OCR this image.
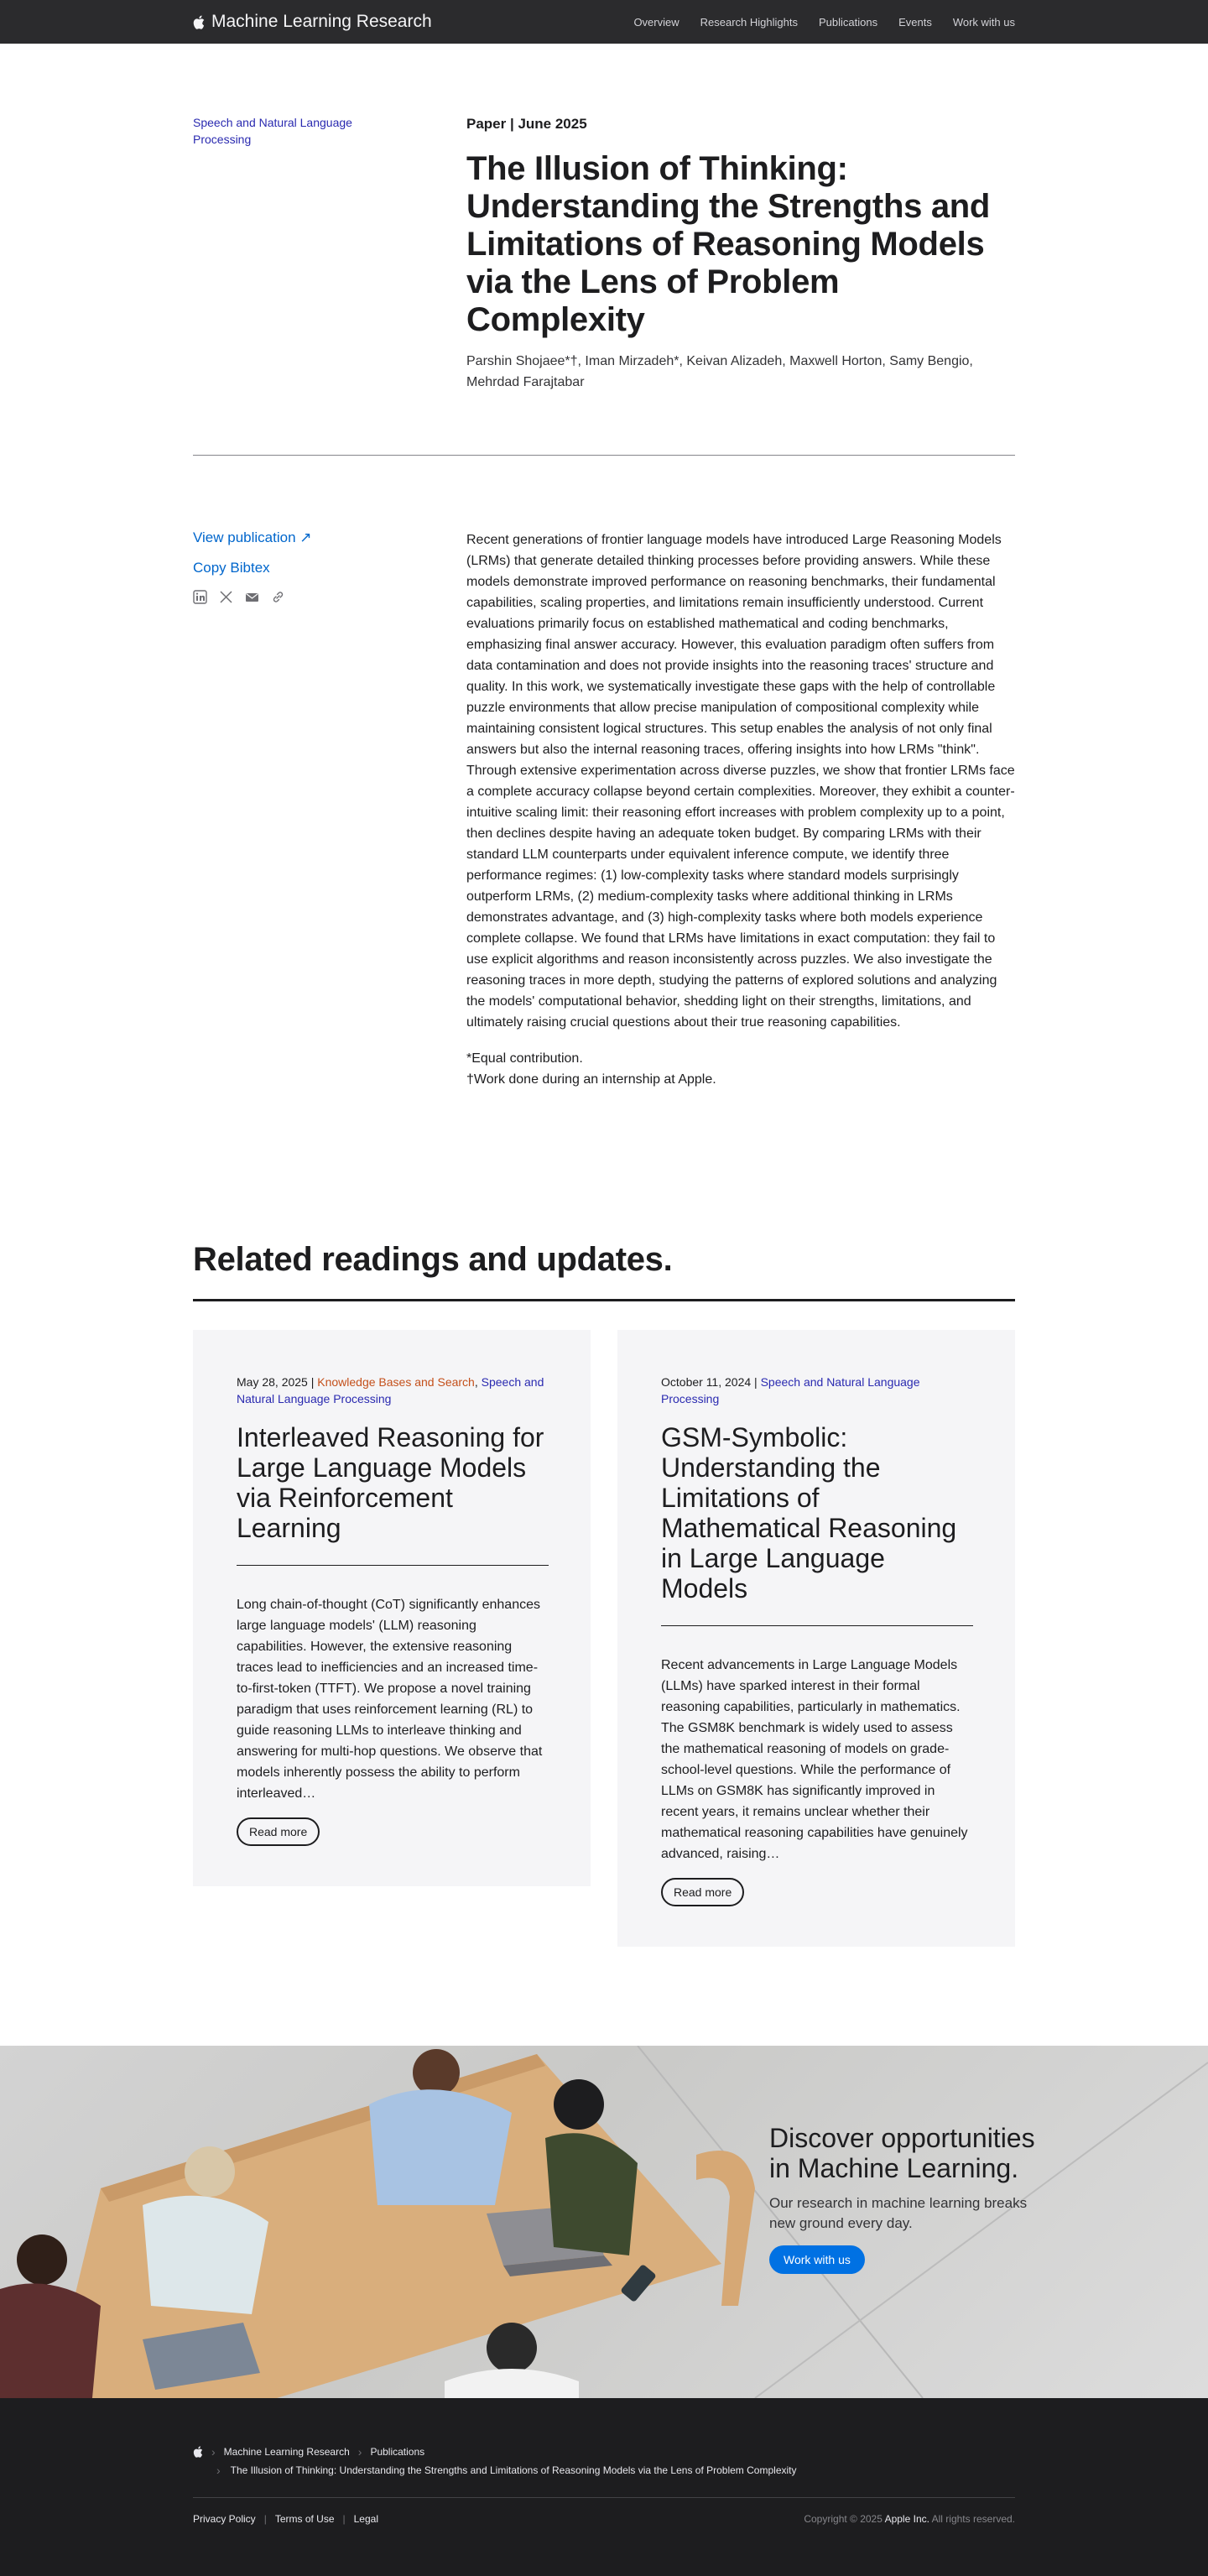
Machine Learning Research	Overview Research Highlights Publications Events Work with us
Speech and Natural Language Processing
Paper | June 2025
The Illusion of Thinking: Understanding the Strengths and Limitations of Reasoning Models via the Lens of Problem Complexity
Parshin Shojaee*†, Iman Mirzadeh*, Keivan Alizadeh, Maxwell Horton, Samy Bengio, Mehrdad Farajtabar
View publication ↗
Copy Bibtex

Recent generations of frontier language models have introduced Large Reasoning Models (LRMs) that generate detailed thinking processes before providing answers. While these models demonstrate improved performance on reasoning benchmarks, their fundamental capabilities, scaling properties, and limitations remain insufficiently understood. Current evaluations primarily focus on established mathematical and coding benchmarks, emphasizing final answer accuracy. However, this evaluation paradigm often suffers from data contamination and does not provide insights into the reasoning traces' structure and quality. In this work, we systematically investigate these gaps with the help of controllable puzzle environments that allow precise manipulation of compositional complexity while maintaining consistent logical structures. This setup enables the analysis of not only final answers but also the internal reasoning traces, offering insights into how LRMs "think". Through extensive experimentation across diverse puzzles, we show that frontier LRMs face a complete accuracy collapse beyond certain complexities. Moreover, they exhibit a counter-intuitive scaling limit: their reasoning effort increases with problem complexity up to a point, then declines despite having an adequate token budget. By comparing LRMs with their standard LLM counterparts under equivalent inference compute, we identify three performance regimes: (1) low-complexity tasks where standard models surprisingly outperform LRMs, (2) medium-complexity tasks where additional thinking in LRMs demonstrates advantage, and (3) high-complexity tasks where both models experience complete collapse. We found that LRMs have limitations in exact computation: they fail to use explicit algorithms and reason inconsistently across puzzles. We also investigate the reasoning traces in more depth, studying the patterns of explored solutions and analyzing the models' computational behavior, shedding light on their strengths, limitations, and ultimately raising crucial questions about their true reasoning capabilities.

*Equal contribution.
†Work done during an internship at Apple.
Related readings and updates.
May 28, 2025 | Knowledge Bases and Search, Speech and Natural Language Processing
Interleaved Reasoning for Large Language Models via Reinforcement Learning

Long chain-of-thought (CoT) significantly enhances large language models' (LLM) reasoning capabilities. However, the extensive reasoning traces lead to inefficiencies and an increased time-to-first-token (TTFT). We propose a novel training paradigm that uses reinforcement learning (RL) to guide reasoning LLMs to interleave thinking and answering for multi-hop questions. We observe that models inherently possess the ability to perform interleaved…

Read more
October 11, 2024 | Speech and Natural Language Processing
GSM-Symbolic: Understanding the Limitations of Mathematical Reasoning in Large Language Models

Recent advancements in Large Language Models (LLMs) have sparked interest in their formal reasoning capabilities, particularly in mathematics. The GSM8K benchmark is widely used to assess the mathematical reasoning of models on grade-school-level questions. While the performance of LLMs on GSM8K has significantly improved in recent years, it remains unclear whether their mathematical reasoning capabilities have genuinely advanced, raising…

Read more
Discover opportunities in Machine Learning.
Our research in machine learning breaks new ground every day.
Work with us
› Machine Learning Research › Publications
› The Illusion of Thinking: Understanding the Strengths and Limitations of Reasoning Models via the Lens of Problem Complexity
Privacy Policy | Terms of Use | Legal	Copyright © 2025 Apple Inc. All rights reserved.
